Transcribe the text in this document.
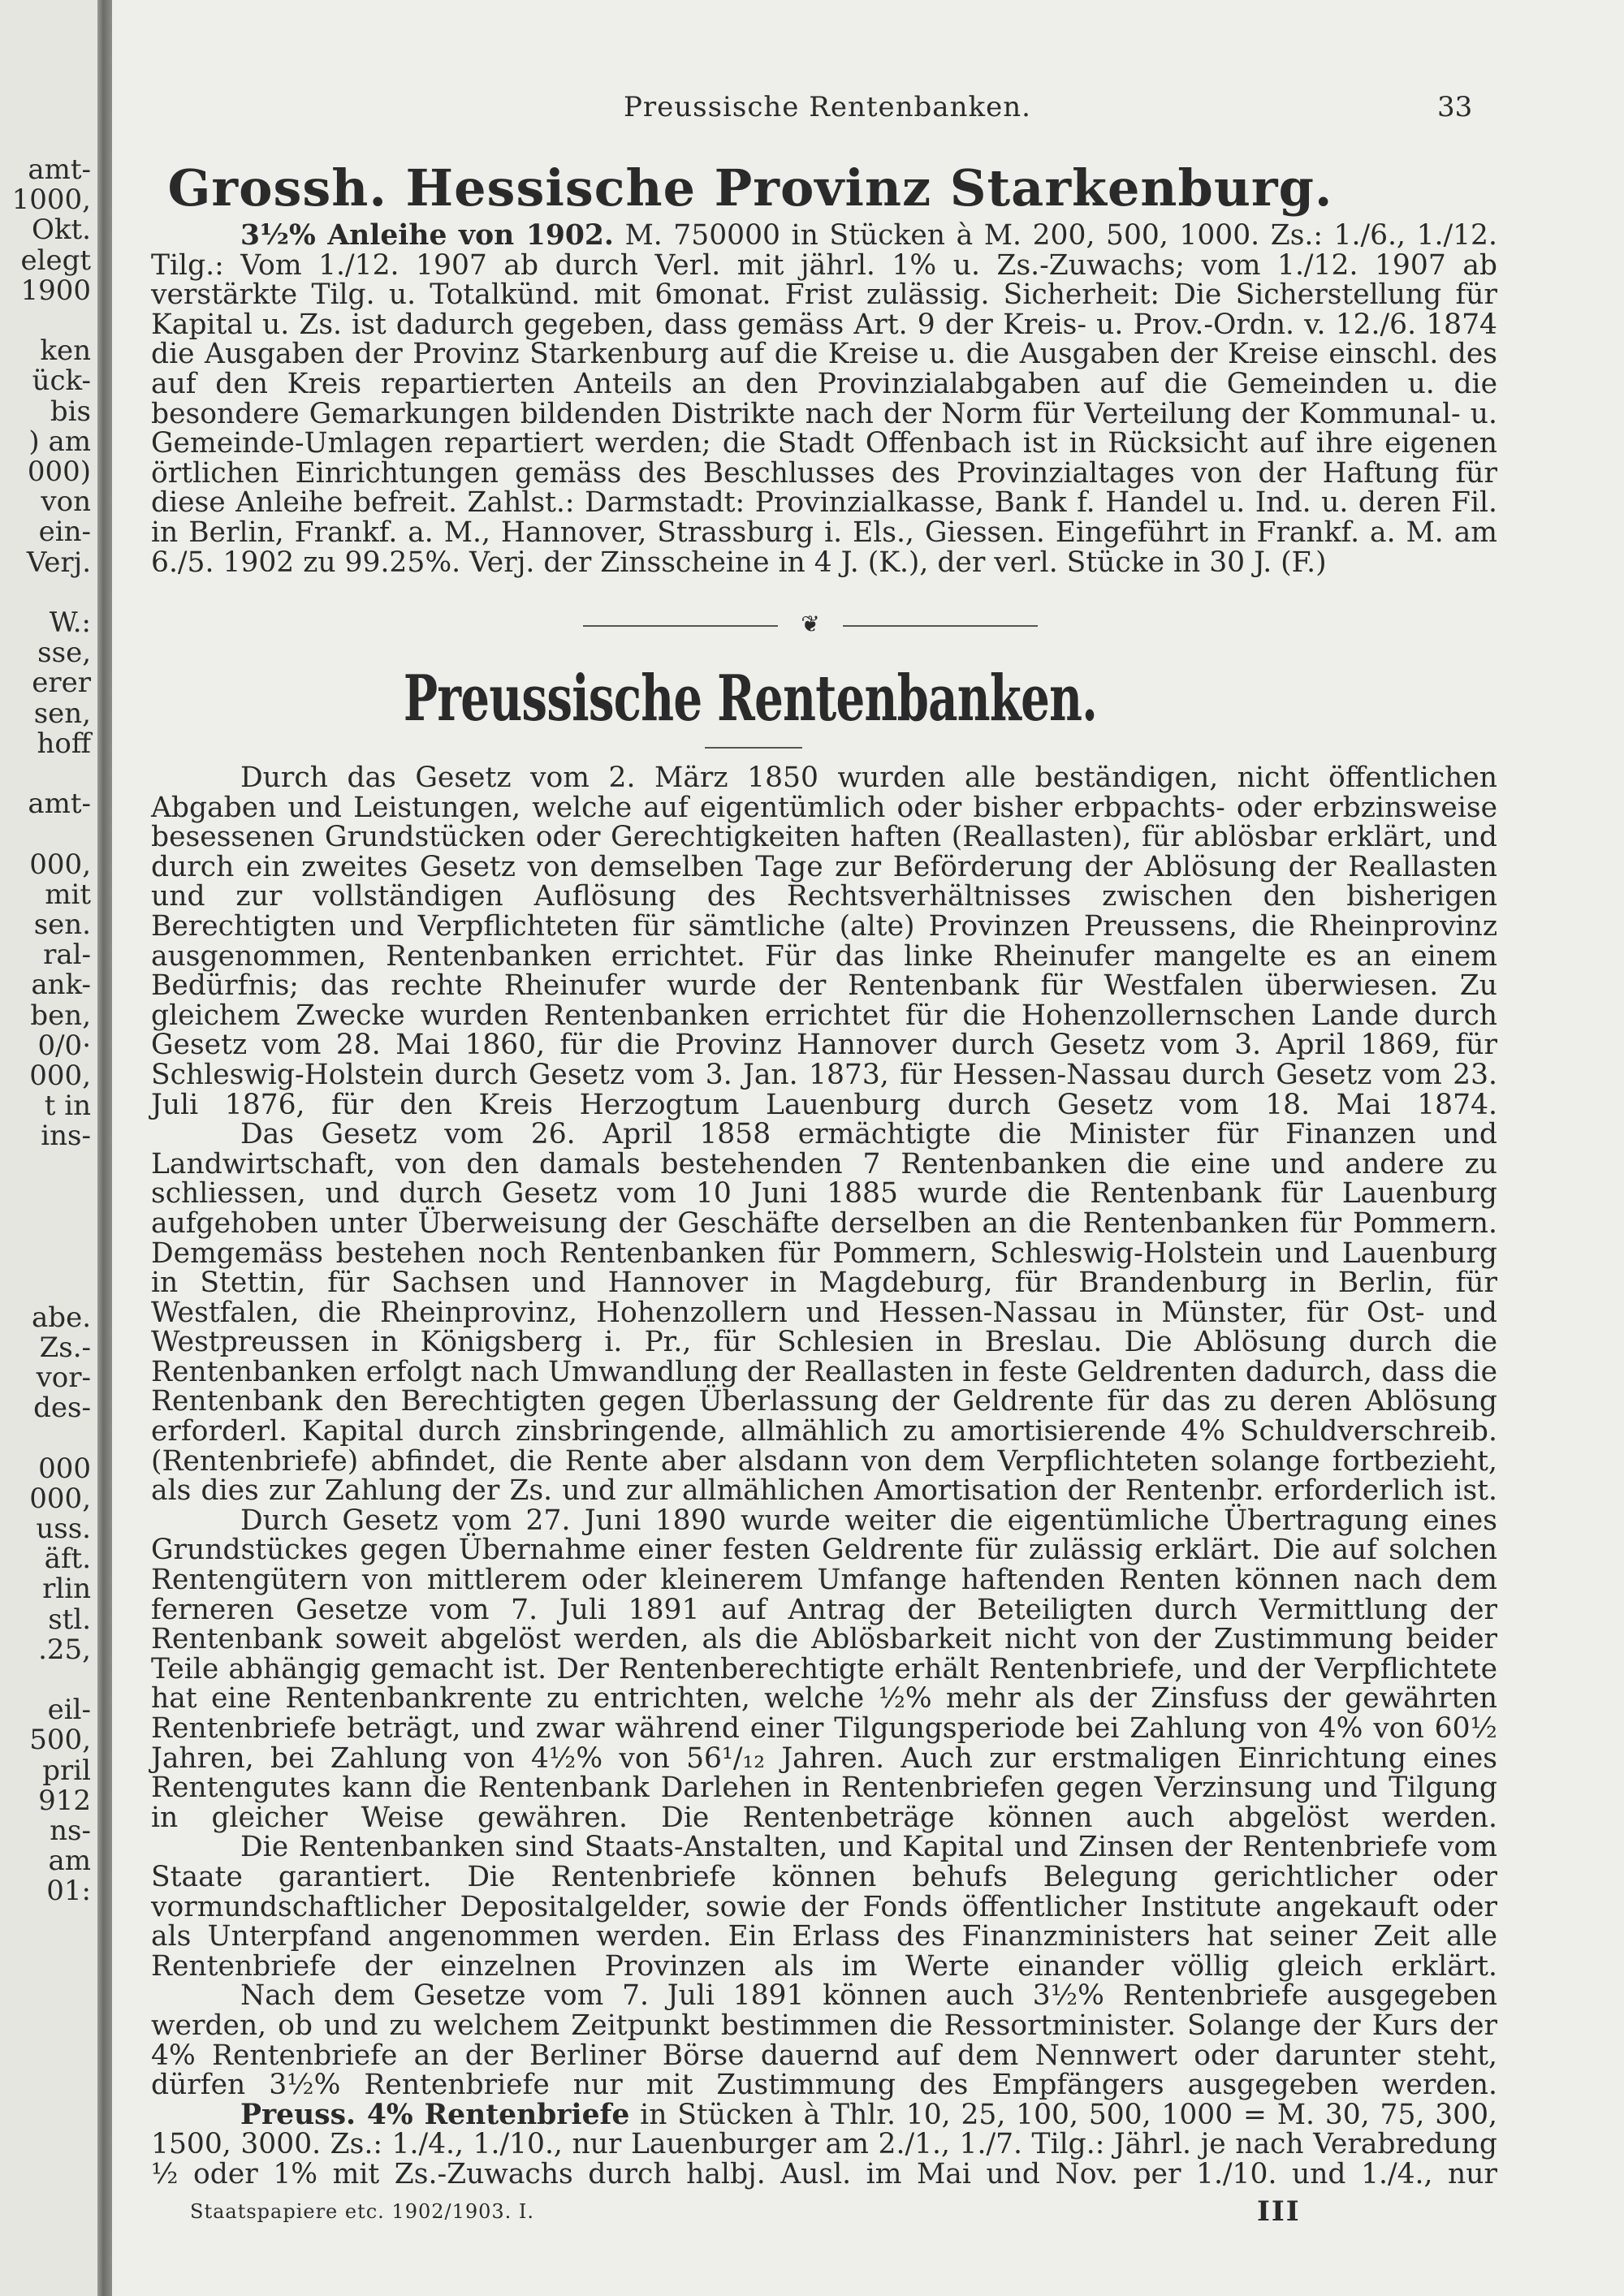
amt-
1000,
Okt.
elegt
1900
ken
ück-
bis
) am
000)
von
ein-
Verj.
W.:
sse,
erer
sen,
hoff
amt-
000,
mit
sen.
ral-
ank-
ben,
0/0·
000,
t in
ins-
abe.
Zs.-
vor-
des-
000
000,
uss.
äft.
rlin
stl.
.25,
eil-
500,
pril
912
ns-
am
01:
Preussische Rentenbanken.	33
Grossh. Hessische Provinz Starkenburg.

3½% Anleihe von 1902. M. 750000 in Stücken à M. 200, 500, 1000. Zs.: 1./6., 1./12. Tilg.: Vom 1./12. 1907 ab durch Verl. mit jährl. 1% u. Zs.-Zuwachs; vom 1./12. 1907 ab verstärkte Tilg. u. Totalkünd. mit 6monat. Frist zulässig. Sicherheit: Die Sicherstellung für Kapital u. Zs. ist dadurch gegeben, dass gemäss Art. 9 der Kreis- u. Prov.-Ordn. v. 12./6. 1874 die Ausgaben der Provinz Starkenburg auf die Kreise u. die Ausgaben der Kreise einschl. des auf den Kreis repartierten Anteils an den Provinzialabgaben auf die Gemeinden u. die besondere Gemarkungen bildenden Distrikte nach der Norm für Verteilung der Kommunal- u. Gemeinde-Umlagen repartiert werden; die Stadt Offenbach ist in Rücksicht auf ihre eigenen örtlichen Einrichtungen gemäss des Beschlusses des Provinzialtages von der Haftung für diese Anleihe befreit. Zahlst.: Darmstadt: Provinzialkasse, Bank f. Handel u. Ind. u. deren Fil. in Berlin, Frankf. a. M., Hannover, Strassburg i. Els., Giessen. Eingeführt in Frankf. a. M. am 6./5. 1902 zu 99.25%. Verj. der Zinsscheine in 4 J. (K.), der verl. Stücke in 30 J. (F.)

❦
Preussische Rentenbanken.

Durch das Gesetz vom 2. März 1850 wurden alle beständigen, nicht öffentlichen Abgaben und Leistungen, welche auf eigentümlich oder bisher erbpachts- oder erbzinsweise besessenen Grundstücken oder Gerechtigkeiten haften (Reallasten), für ablösbar erklärt, und durch ein zweites Gesetz von demselben Tage zur Beförderung der Ablösung der Reallasten und zur vollständigen Auflösung des Rechtsverhältnisses zwischen den bisherigen Berechtigten und Verpflichteten für sämtliche (alte) Provinzen Preussens, die Rheinprovinz ausgenommen, Rentenbanken errichtet. Für das linke Rheinufer mangelte es an einem Bedürfnis; das rechte Rheinufer wurde der Rentenbank für Westfalen überwiesen. Zu gleichem Zwecke wurden Rentenbanken errichtet für die Hohenzollernschen Lande durch Gesetz vom 28. Mai 1860, für die Provinz Hannover durch Gesetz vom 3. April 1869, für Schleswig-Holstein durch Gesetz vom 3. Jan. 1873, für Hessen-Nassau durch Gesetz vom 23. Juli 1876, für den Kreis Herzogtum Lauenburg durch Gesetz vom 18. Mai 1874.

Das Gesetz vom 26. April 1858 ermächtigte die Minister für Finanzen und Landwirtschaft, von den damals bestehenden 7 Rentenbanken die eine und andere zu schliessen, und durch Gesetz vom 10 Juni 1885 wurde die Rentenbank für Lauenburg aufgehoben unter Überweisung der Geschäfte derselben an die Rentenbanken für Pommern. Demgemäss bestehen noch Rentenbanken für Pommern, Schleswig-Holstein und Lauenburg in Stettin, für Sachsen und Hannover in Magdeburg, für Brandenburg in Berlin, für Westfalen, die Rheinprovinz, Hohenzollern und Hessen-Nassau in Münster, für Ost- und Westpreussen in Königsberg i. Pr., für Schlesien in Breslau. Die Ablösung durch die Rentenbanken erfolgt nach Umwandlung der Reallasten in feste Geldrenten dadurch, dass die Rentenbank den Berechtigten gegen Überlassung der Geldrente für das zu deren Ablösung erforderl. Kapital durch zinsbringende, allmählich zu amortisierende 4% Schuldverschreib. (Rentenbriefe) abfindet, die Rente aber alsdann von dem Verpflichteten solange fortbezieht, als dies zur Zahlung der Zs. und zur allmählichen Amortisation der Rentenbr. erforderlich ist.

Durch Gesetz vom 27. Juni 1890 wurde weiter die eigentümliche Übertragung eines Grundstückes gegen Übernahme einer festen Geldrente für zulässig erklärt. Die auf solchen Rentengütern von mittlerem oder kleinerem Umfange haftenden Renten können nach dem ferneren Gesetze vom 7. Juli 1891 auf Antrag der Beteiligten durch Vermittlung der Rentenbank soweit abgelöst werden, als die Ablösbarkeit nicht von der Zustimmung beider Teile abhängig gemacht ist. Der Rentenberechtigte erhält Rentenbriefe, und der Verpflichtete hat eine Rentenbankrente zu entrichten, welche ½% mehr als der Zinsfuss der gewährten Rentenbriefe beträgt, und zwar während einer Tilgungsperiode bei Zahlung von 4% von 60½ Jahren, bei Zahlung von 4½% von 56¹/₁₂ Jahren. Auch zur erstmaligen Einrichtung eines Rentengutes kann die Rentenbank Darlehen in Rentenbriefen gegen Verzinsung und Tilgung in gleicher Weise gewähren. Die Rentenbeträge können auch abgelöst werden.

Die Rentenbanken sind Staats-Anstalten, und Kapital und Zinsen der Rentenbriefe vom Staate garantiert. Die Rentenbriefe können behufs Belegung gerichtlicher oder vormundschaftlicher Depositalgelder, sowie der Fonds öffentlicher Institute angekauft oder als Unterpfand angenommen werden. Ein Erlass des Finanzministers hat seiner Zeit alle Rentenbriefe der einzelnen Provinzen als im Werte einander völlig gleich erklärt.

Nach dem Gesetze vom 7. Juli 1891 können auch 3½% Rentenbriefe ausgegeben werden, ob und zu welchem Zeitpunkt bestimmen die Ressortminister. Solange der Kurs der 4% Rentenbriefe an der Berliner Börse dauernd auf dem Nennwert oder darunter steht, dürfen 3½% Rentenbriefe nur mit Zustimmung des Empfängers ausgegeben werden.

Preuss. 4% Rentenbriefe in Stücken à Thlr. 10, 25, 100, 500, 1000 = M. 30, 75, 300, 1500, 3000. Zs.: 1./4., 1./10., nur Lauenburger am 2./1., 1./7. Tilg.: Jährl. je nach Verabredung ½ oder 1% mit Zs.-Zuwachs durch halbj. Ausl. im Mai und Nov. per 1./10. und 1./4., nur

Staatspapiere etc. 1902/1903. I.	III
